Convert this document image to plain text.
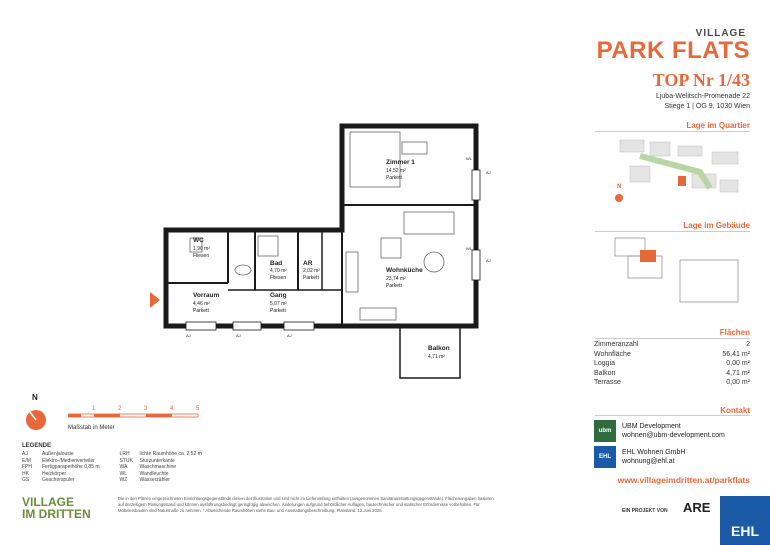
Zimmer 1
14,52 m²
Parkett
WC
1,90 m²
Fliesen
Bad
4,70 m²
Fliesen
AR
2,02 m²
Parkett
Wohnküche
23,74 m²
Parkett
Vorraum
4,46 m²
Parkett
Gang
5,07 m²
Parkett
Balkon
4,71 m²
AJ	AJ	AJ
AJ
AJ
WL
WL
VILLAGE
PARK FLATS
TOP Nr 1/43
Ljuba-Welitsch-Promenade 22
Stiege 1 | OG 9, 1030 Wien
Lage im Quartier
N
Lage im Gebäude
Flächen
Zimmeranzahl	2
Wohnfläche	56,41 m²
Loggia	0,00 m²
Balkon	4,71 m²
Terrasse	0,00 m²
Kontakt
ubm
UBM Development
wohnen@ubm-development.com
EHL
EHL Wohnen GmbH
wohnung@ehl.at
www.villageimdritten.at/parkflats
N
1	2	3	4	5
Maßstab in Meter
LEGENDE
AJ	Außenjalousie
E/M Elektro-/Medienverteiler
FPH Fertigparapethöhe 0,85 m
HK	Heizkörper
GS	Geschirrspüler
LRH lichte Raumhöhe ca. 2,52 m
STUK Sturzunterkante
WA Waschmaschine
WL	Wandleuchte
WZ Wasserzähler
VILLAGE
IM DRITTEN
Die in den Plänen eingezeichneten Einrichtungsgegenstände dienen der Illustration und sind nicht im Lieferumfang enthalten (ausgenommen Sanitärausstattungsgegenstände). Flächenangaben basieren auf derzeitigem Planungsstand und können ausführungsbedingt geringfügig abweichen. Änderungen aufgrund behördlicher Auflagen, bautechnischer und statischer Erfordernisse vorbehalten. Für Möbeleinbauten sind Naturmaße zu nehmen. * Abweichende Raumhöhen siehe Bau- und Ausstattungsbeschreibung. Planstand: 12.Juni 2025	EIN PROJEKT VON ARE
EHL
